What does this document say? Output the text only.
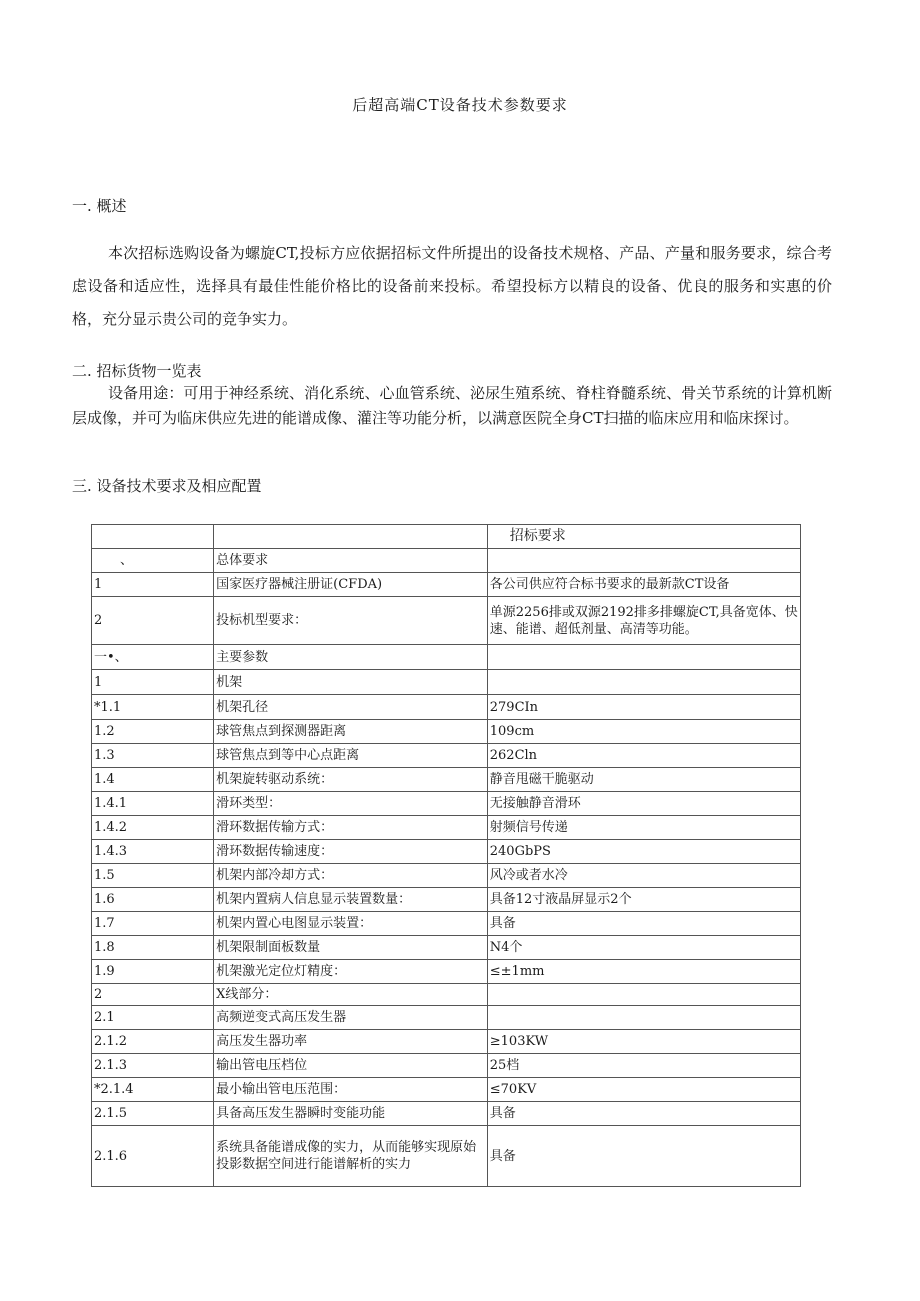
后超高端CT设备技术参数要求
一. 概述
本次招标选购设备为螺旋CT,投标方应依据招标文件所提出的设备技术规格、产品、产量和服务要求，综合考虑设备和适应性，选择具有最佳性能价格比的设备前来投标。希望投标方以精良的设备、优良的服务和实惠的价格，充分显示贵公司的竞争实力。
二. 招标货物一览表
设备用途：可用于神经系统、消化系统、心血管系统、泌尿生殖系统、脊柱脊髓系统、骨关节系统的计算机断层成像，并可为临床供应先进的能谱成像、灌注等功能分析，以满意医院全身CT扫描的临床应用和临床探讨。
三. 设备技术要求及相应配置
		招标要求
、	总体要求	
1	国家医疗器械注册证(CFDA)	各公司供应符合标书要求的最新款CT设备
2	投标机型要求：	单源2256排或双源2192排多排螺旋CT,具备宽体、快速、能谱、超低剂量、高清等功能。
一•、	主要参数	
1	机架	
*1.1	机架孔径	279CIn
1.2	球管焦点到探测器距离	109cm
1.3	球管焦点到等中心点距离	262Cln
1.4	机架旋转驱动系统：	静音甩磁干脆驱动
1.4.1	滑环类型：	无接触静音滑环
1.4.2	滑环数据传输方式：	射频信号传递
1.4.3	滑环数据传输速度：	240GbPS
1.5	机架内部冷却方式：	风冷或者水冷
1.6	机架内置病人信息显示装置数量：	具备12寸液晶屏显示2个
1.7	机架内置心电图显示装置：	具备
1.8	机架限制面板数量	N4个
1.9	机架激光定位灯精度：	≤±1mm
2	X线部分：	
2.1	高频逆变式高压发生器	
2.1.2	高压发生器功率	≥103KW
2.1.3	输出管电压档位	25档
*2.1.4	最小输出管电压范围：	≤70KV
2.1.5	具备高压发生器瞬时变能功能	具备
2.1.6	系统具备能谱成像的实力，从而能够实现原始投影数据空间进行能谱解析的实力	具备
